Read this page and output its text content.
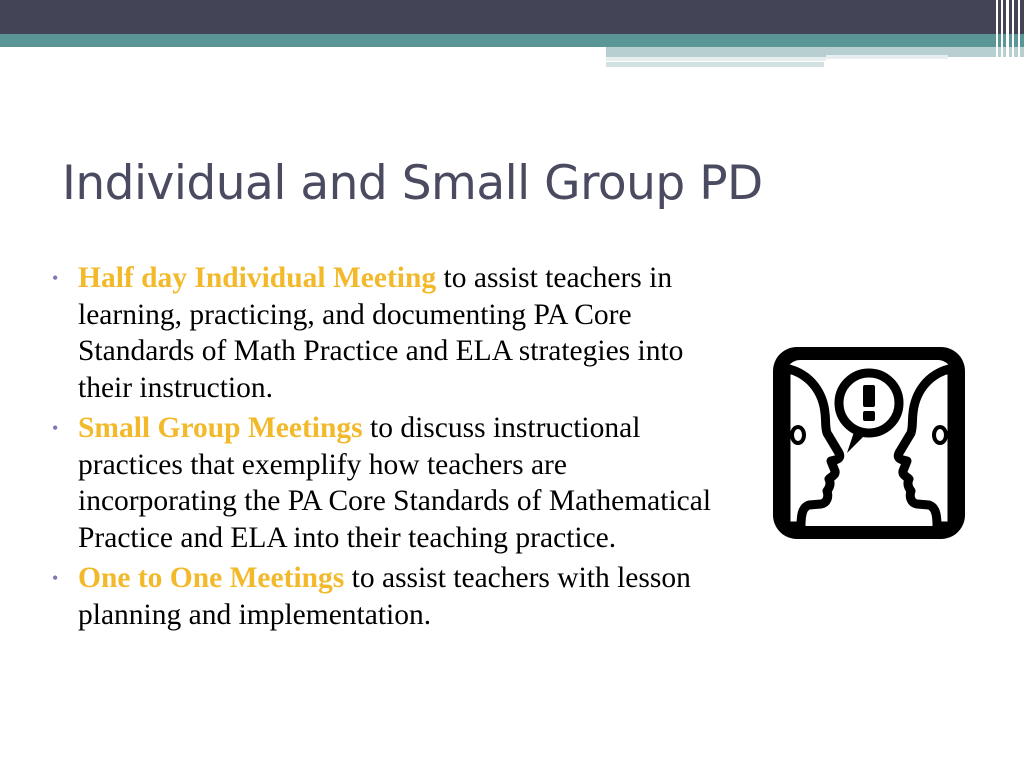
Individual and Small Group PD
• Half day Individual Meeting to assist teachers in learning, practicing, and documenting PA Core Standards of Math Practice and ELA strategies into their instruction.
• Small Group Meetings to discuss instructional practices that exemplify how teachers are incorporating the PA Core Standards of Mathematical Practice and ELA into their teaching practice.
• One to One Meetings to assist teachers with lesson planning and implementation.
